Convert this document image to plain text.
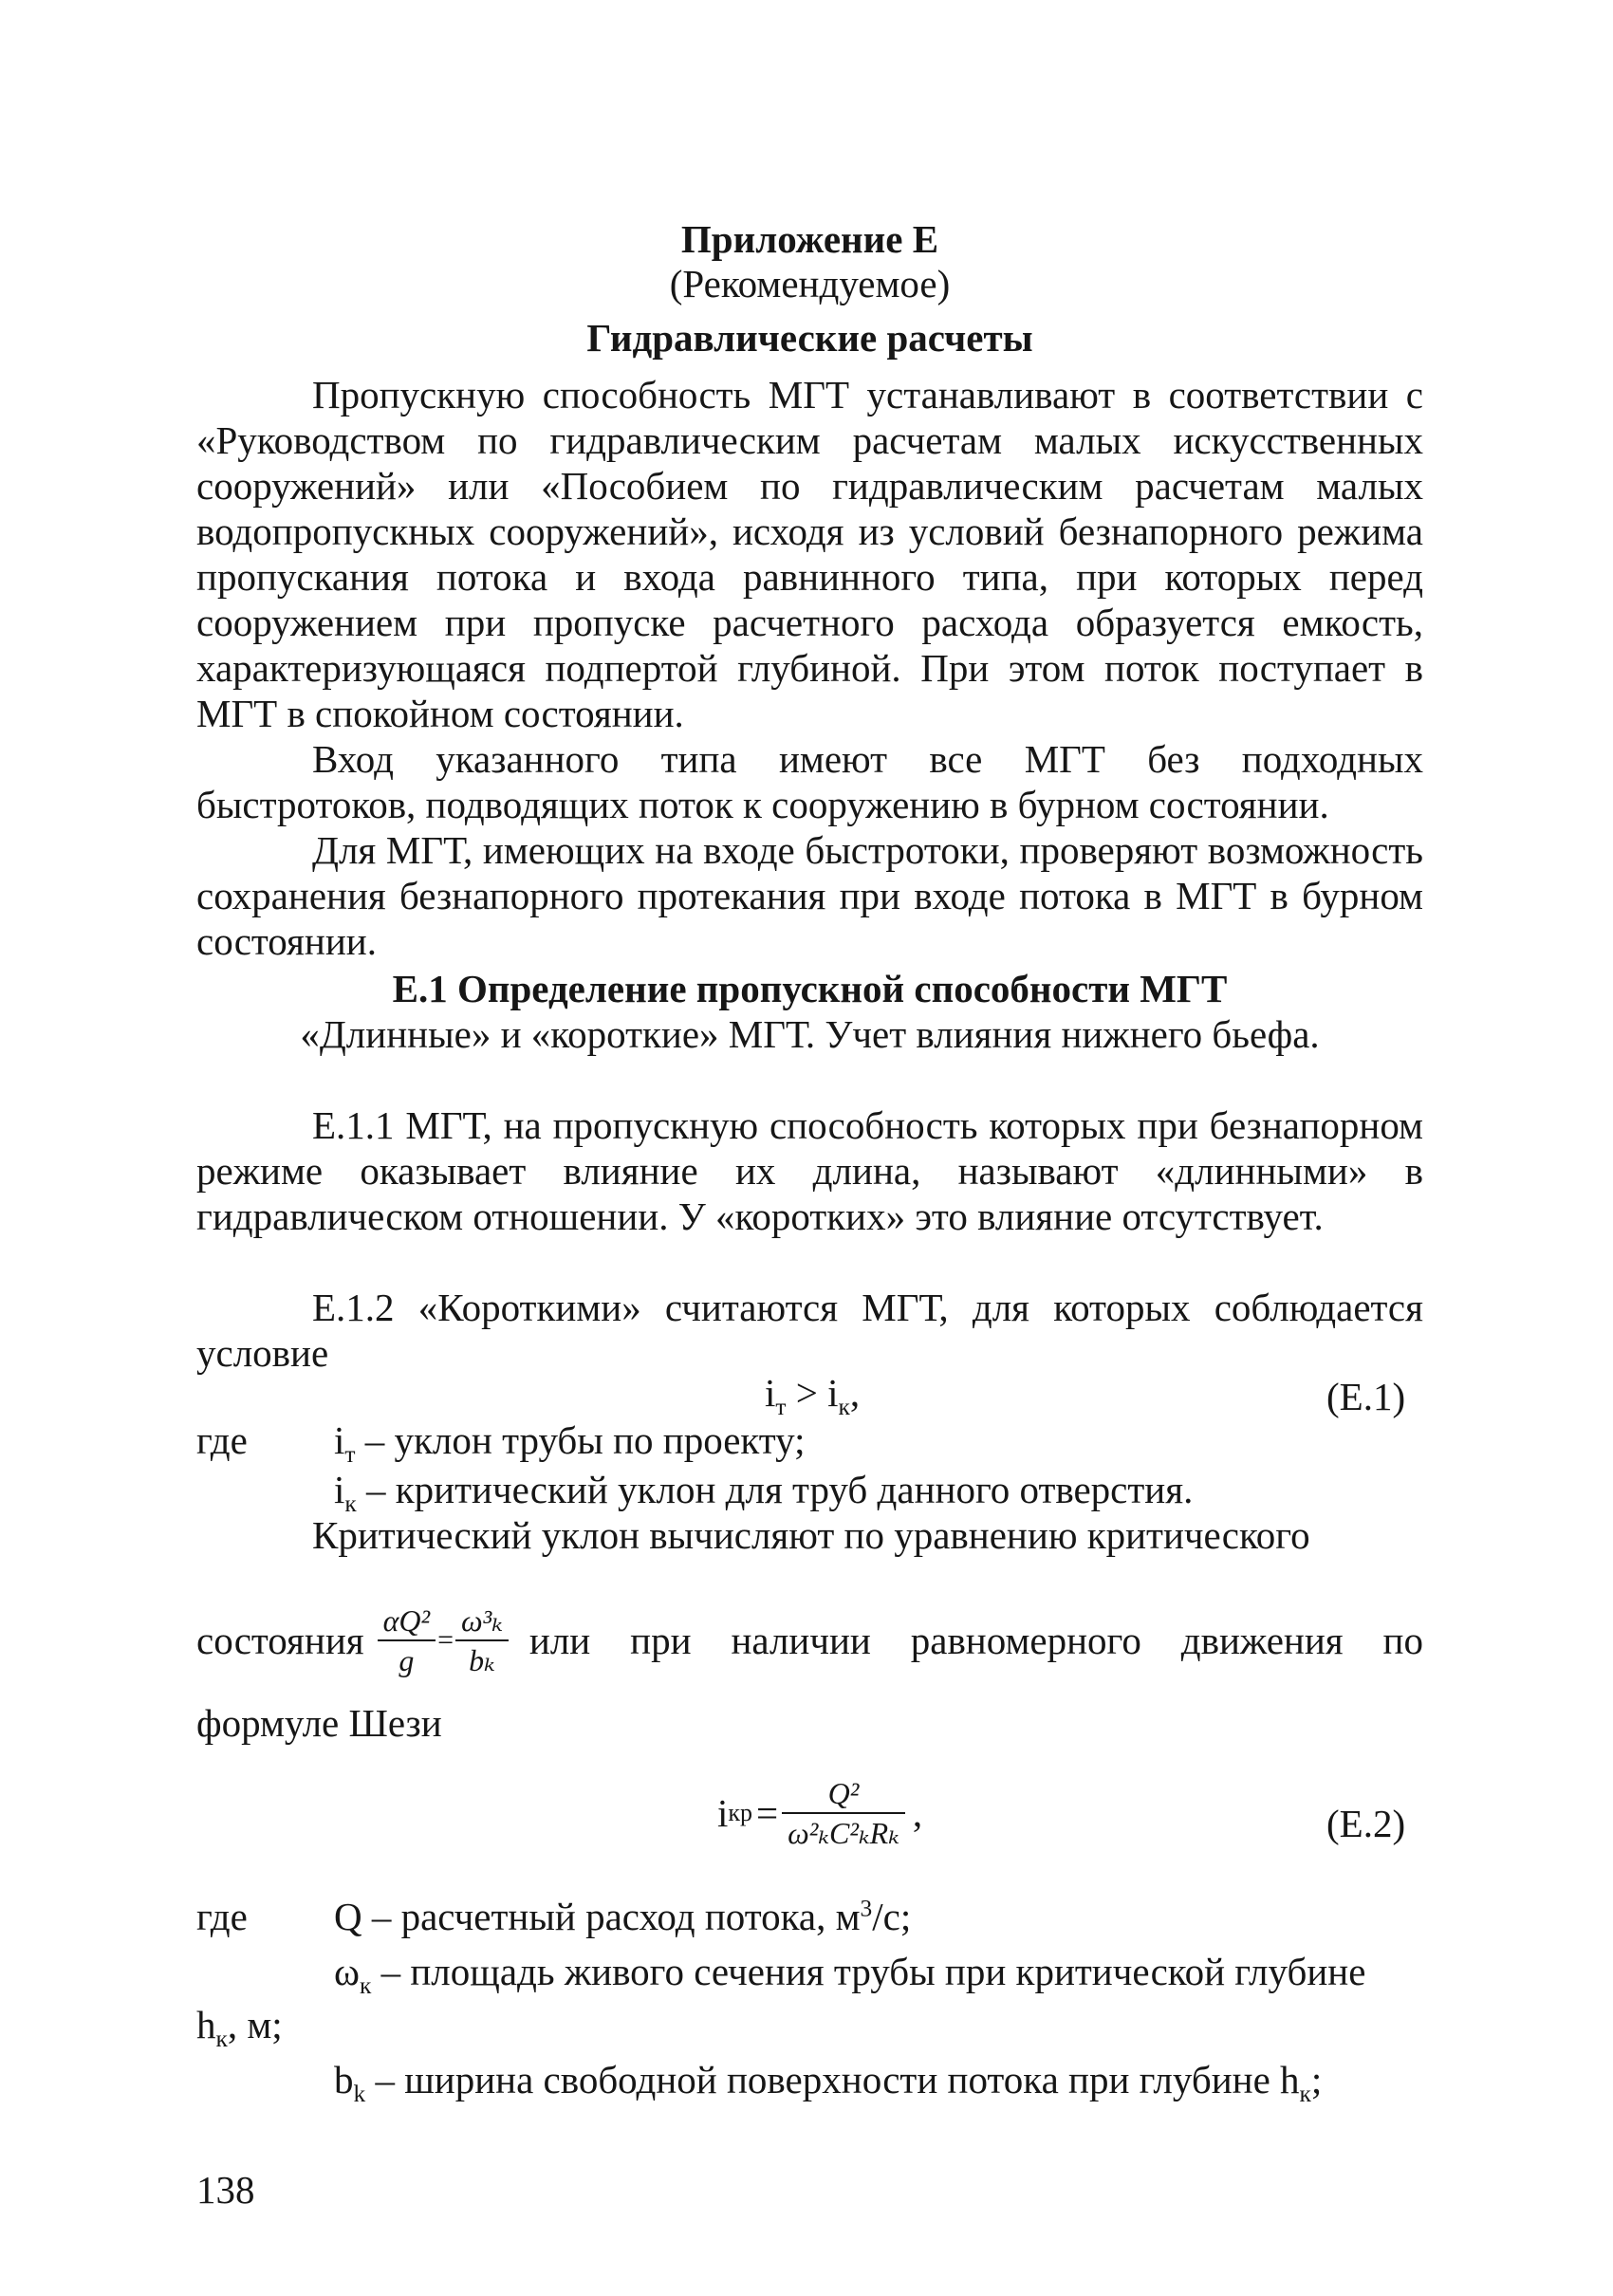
Приложение Е
(Рекомендуемое)
Гидравлические расчеты

Пропускную способность МГТ устанавливают в соответствии с «Руководством по гидравлическим расчетам малых искусственных сооружений» или «Пособием по гидравлическим расчетам малых водопропускных сооружений», исходя из условий безнапорного режима пропускания потока и входа равнинного типа, при которых перед сооружением при пропуске расчетного расхода образуется емкость, характеризующаяся подпертой глубиной. При этом поток поступает в МГТ в спокойном состоянии.

Вход указанного типа имеют все МГТ без подходных быстротоков, подводящих поток к сооружению в бурном состоянии.

Для МГТ, имеющих на входе быстротоки, проверяют возможность сохранения безнапорного протекания при входе потока в МГТ в бурном состоянии.

Е.1 Определение пропускной способности МГТ
«Длинные» и «короткие» МГТ. Учет влияния нижнего бьефа.

Е.1.1 МГТ, на пропускную способность которых при безнапорном режиме оказывает влияние их длина, называют «длинными» в гидравлическом отношении. У «коротких» это влияние отсутствует.

Е.1.2 «Короткими» считаются МГТ, для которых соблюдается условие

$i_т > i_к$,	(Е.1)
где $i_т$ – уклон трубы по проекту;
$i_к$ – критический уклон для труб данного отверстия.
Критический уклон вычисляют по уравнению критического
состояния $\frac{\text{αQ²}}{g} = \frac{\text{ω³ₖ}}{\text{bₖ}}$ или при наличии равномерного движения по
формуле Шези
i кр = $\frac{\text{Q²}}{\text{ω²ₖC²ₖRₖ}}$ ,	(Е.2)
где Q – расчетный расход потока, $м^3/с$;
$\omega_к$ – площадь живого сечения трубы при критической глубине
$h_к$, м;
$b_k$ – ширина свободной поверхности потока при глубине $h_к$;
138
